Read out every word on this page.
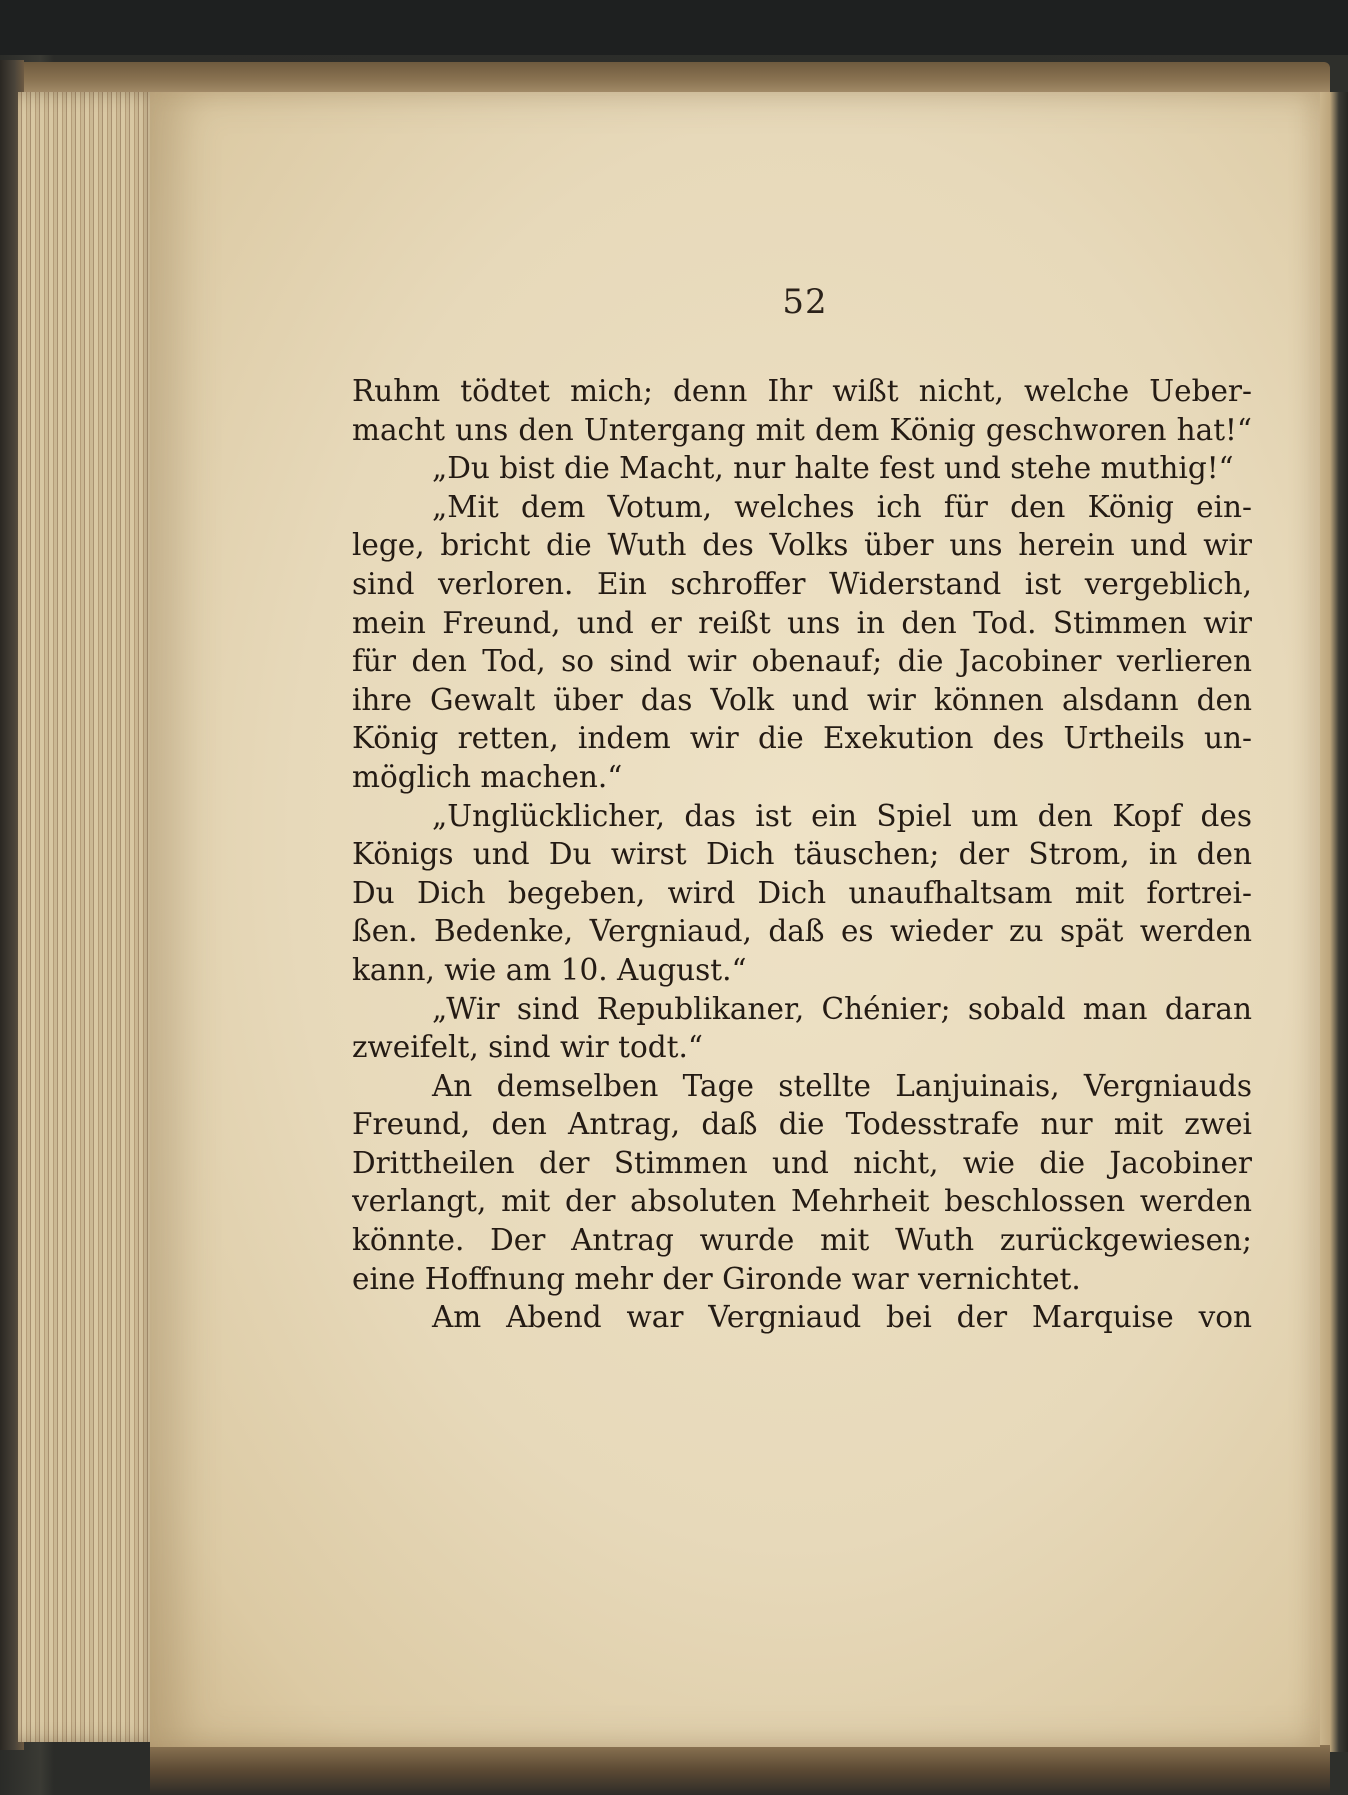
52
Ruhm tödtet mich; denn Ihr wißt nicht, welche Ueber-
macht uns den Untergang mit dem König geschworen hat!“
„Du bist die Macht, nur halte fest und stehe muthig!“
„Mit dem Votum, welches ich für den König ein-
lege, bricht die Wuth des Volks über uns herein und wir
sind verloren. Ein schroffer Widerstand ist vergeblich,
mein Freund, und er reißt uns in den Tod. Stimmen wir
für den Tod, so sind wir obenauf; die Jacobiner verlieren
ihre Gewalt über das Volk und wir können alsdann den
König retten, indem wir die Exekution des Urtheils un-
möglich machen.“
„Unglücklicher, das ist ein Spiel um den Kopf des
Königs und Du wirst Dich täuschen; der Strom, in den
Du Dich begeben, wird Dich unaufhaltsam mit fortrei-
ßen. Bedenke, Vergniaud, daß es wieder zu spät werden
kann, wie am 10. August.“
„Wir sind Republikaner, Chénier; sobald man daran
zweifelt, sind wir todt.“
An demselben Tage stellte Lanjuinais, Vergniauds
Freund, den Antrag, daß die Todesstrafe nur mit zwei
Drittheilen der Stimmen und nicht, wie die Jacobiner
verlangt, mit der absoluten Mehrheit beschlossen werden
könnte. Der Antrag wurde mit Wuth zurückgewiesen;
eine Hoffnung mehr der Gironde war vernichtet.
Am Abend war Vergniaud bei der Marquise von
